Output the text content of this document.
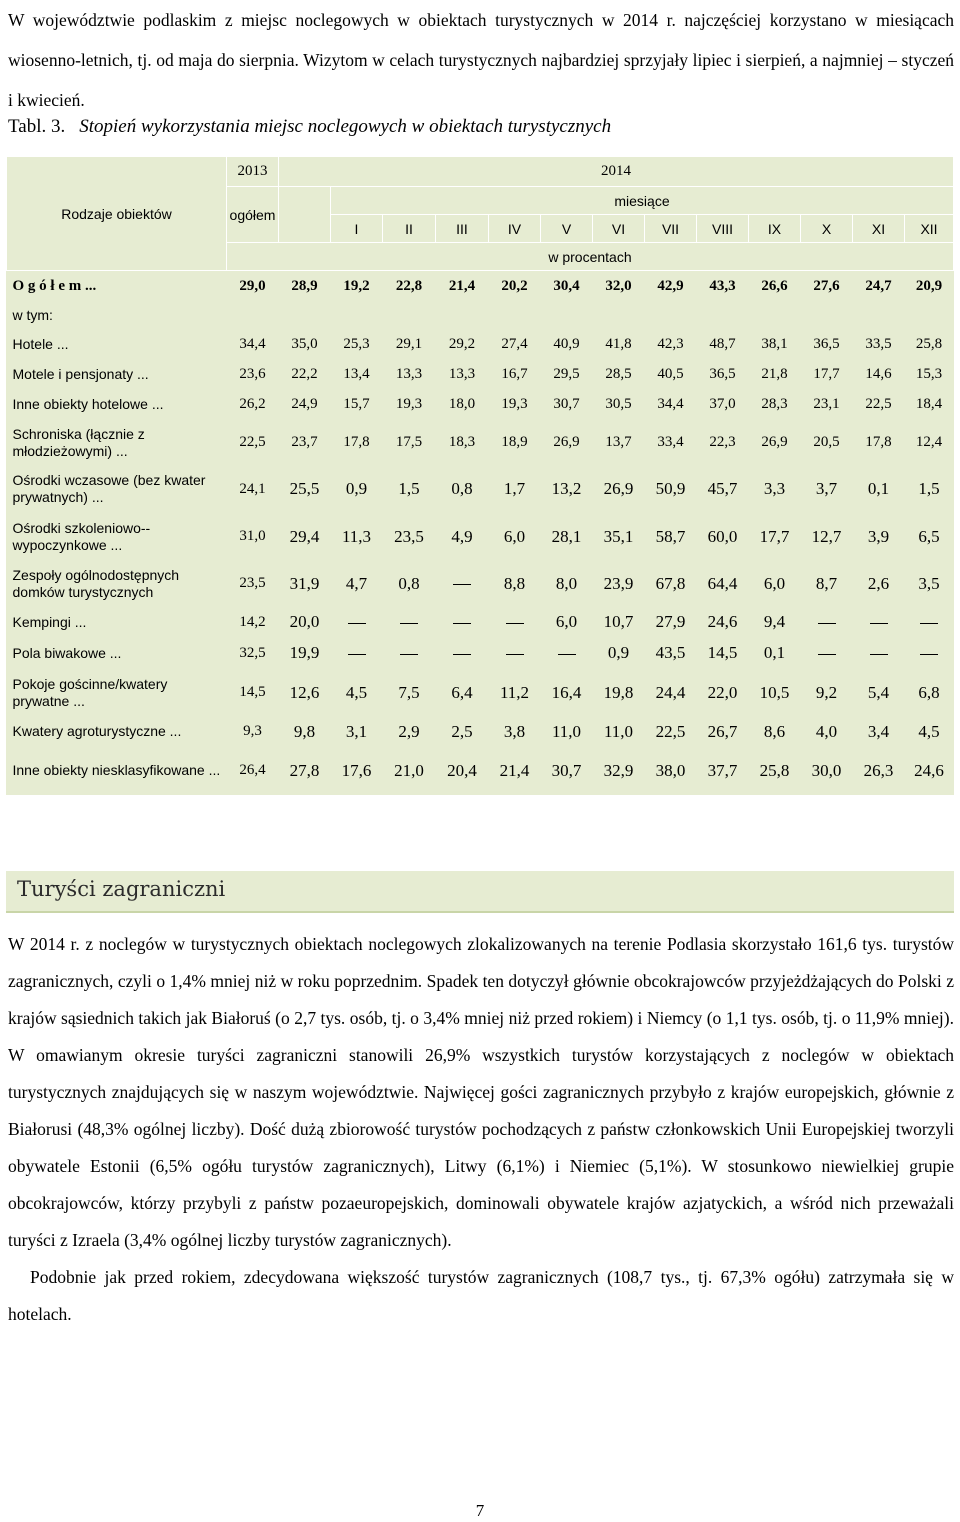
W województwie podlaskim z miejsc noclegowych w obiektach turystycznych w 2014 r. najczęściej korzystano w miesiącach wiosenno-letnich, tj. od maja do sierpnia. Wizytom w celach turystycznych najbardziej sprzyjały lipiec i sierpień, a najmniej – styczeń i kwiecień.
Tabl. 3. Stopień wykorzystania miejsc noclegowych w obiektach turystycznych
Rodzaje obiektów	2013	2014												
	ogółem		miesiące											
			I	II	III	IV	V	VI	VII	VIII	IX	X	XI	XII
	w procentach													
O g ó ł e m ...	29,0	28,9	19,2	22,8	21,4	20,2	30,4	32,0	42,9	43,3	26,6	27,6	24,7	20,9
w tym:														
Hotele ...	34,4	35,0	25,3	29,1	29,2	27,4	40,9	41,8	42,3	48,7	38,1	36,5	33,5	25,8
Motele i pensjonaty ...	23,6	22,2	13,4	13,3	13,3	16,7	29,5	28,5	40,5	36,5	21,8	17,7	14,6	15,3
Inne obiekty hotelowe ...	26,2	24,9	15,7	19,3	18,0	19,3	30,7	30,5	34,4	37,0	28,3	23,1	22,5	18,4
Schroniska (łącznie z młodzieżowymi) ...	22,5	23,7	17,8	17,5	18,3	18,9	26,9	13,7	33,4	22,3	26,9	20,5	17,8	12,4
Ośrodki wczasowe (bez kwater prywatnych) ...	24,1	25,5	0,9	1,5	0,8	1,7	13,2	26,9	50,9	45,7	3,3	3,7	0,1	1,5
Ośrodki szkoleniowo--wypoczynkowe ...	31,0	29,4	11,3	23,5	4,9	6,0	28,1	35,1	58,7	60,0	17,7	12,7	3,9	6,5
Zespoły ogólnodostępnych domków turystycznych	23,5	31,9	4,7	0,8		8,8	8,0	23,9	67,8	64,4	6,0	8,7	2,6	3,5
Kempingi ...	14,2	20,0					6,0	10,7	27,9	24,6	9,4			
Pola biwakowe ...	32,5	19,9						0,9	43,5	14,5	0,1			
Pokoje gościnne/kwatery prywatne ...	14,5	12,6	4,5	7,5	6,4	11,2	16,4	19,8	24,4	22,0	10,5	9,2	5,4	6,8
Kwatery agroturystyczne ...	9,3	9,8	3,1	2,9	2,5	3,8	11,0	11,0	22,5	26,7	8,6	4,0	3,4	4,5
Inne obiekty niesklasyfikowane ...	26,4	27,8	17,6	21,0	20,4	21,4	30,7	32,9	38,0	37,7	25,8	30,0	26,3	24,6
Turyści zagraniczni

W 2014 r. z noclegów w turystycznych obiektach noclegowych zlokalizowanych na terenie Podlasia skorzystało 161,6 tys. turystów zagranicznych, czyli o 1,4% mniej niż w roku poprzednim. Spadek ten dotyczył głównie obcokrajowców przyjeżdżających do Polski z krajów sąsiednich takich jak Białoruś (o 2,7 tys. osób, tj. o 3,4% mniej niż przed rokiem) i Niemcy (o 1,1 tys. osób, tj. o 11,9% mniej). W omawianym okresie turyści zagraniczni stanowili 26,9% wszystkich turystów korzystających z noclegów w obiektach turystycznych znajdujących się w naszym województwie. Najwięcej gości zagranicznych przybyło z krajów europejskich, głównie z Białorusi (48,3% ogólnej liczby). Dość dużą zbiorowość turystów pochodzących z państw członkowskich Unii Europejskiej tworzyli obywatele Estonii (6,5% ogółu turystów zagranicznych), Litwy (6,1%) i Niemiec (5,1%). W stosunkowo niewielkiej grupie obcokrajowców, którzy przybyli z państw pozaeuropejskich, dominowali obywatele krajów azjatyckich, a wśród nich przeważali turyści z Izraela (3,4% ogólnej liczby turystów zagranicznych).

Podobnie jak przed rokiem, zdecydowana większość turystów zagranicznych (108,7 tys., tj. 67,3% ogółu) zatrzymała się w hotelach.

7
